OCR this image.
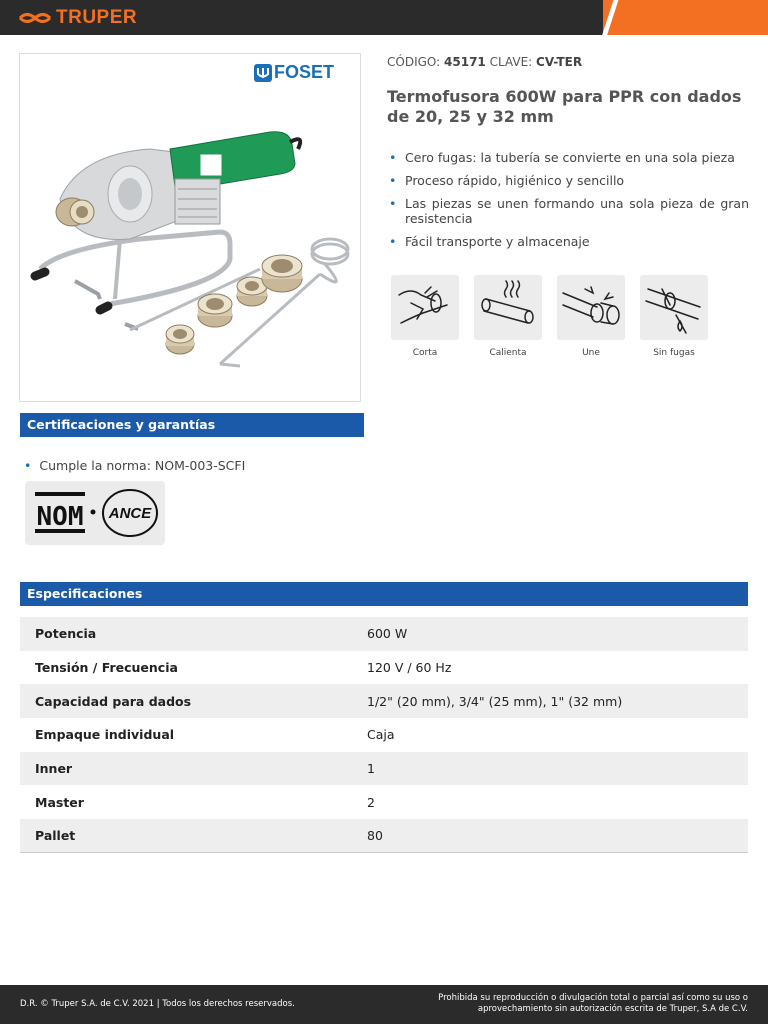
TRUPER
FOSET	CÓDIGO: 45171 CLAVE: CV-TER
Termofusora 600W para PPR con dados de 20, 25 y 32 mm
• Cero fugas: la tubería se convierte en una sola pieza
• Proceso rápido, higiénico y sencillo
• Las piezas se unen formando una sola pieza de gran resistencia
• Fácil transporte y almacenaje
Corta	Calienta	Une	Sin fugas
Certificaciones y garantías
• Cumple la norma: NOM-003-SCFI
NOM ANCE
Especificaciones
Potencia	600 W
Tensión / Frecuencia	120 V / 60 Hz
Capacidad para dados	1/2" (20 mm), 3/4" (25 mm), 1" (32 mm)
Empaque individual	Caja
Inner	1
Master	2
Pallet	80
D.R. © Truper S.A. de C.V. 2021 | Todos los derechos reservados.
Prohibida su reproducción o divulgación total o parcial así como su uso o
aprovechamiento sin autorización escrita de Truper, S.A de C.V.
